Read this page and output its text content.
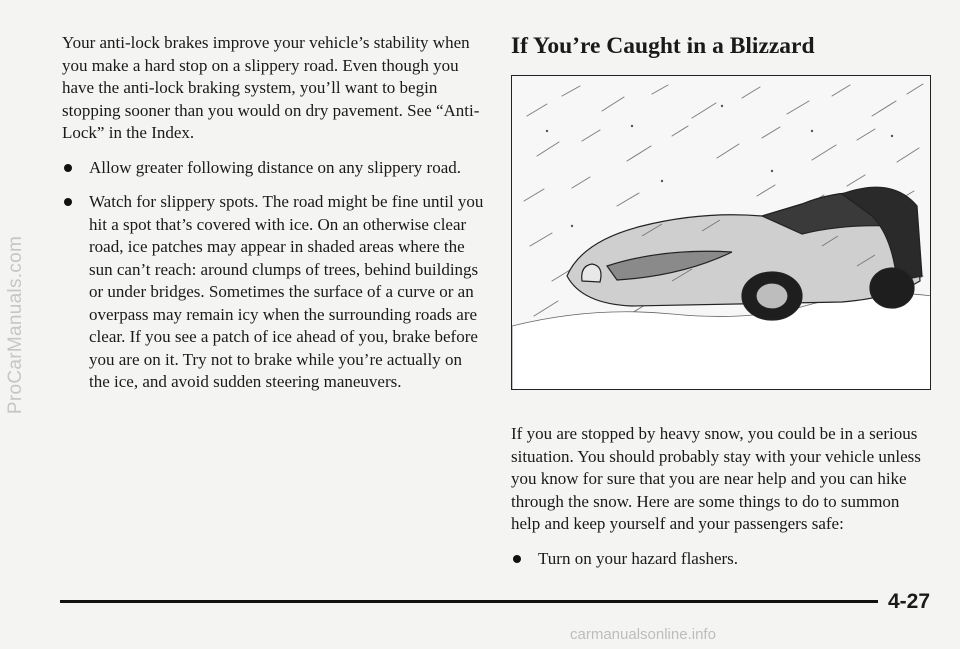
ProCarManuals.com

Your anti-lock brakes improve your vehicle’s stability when you make a hard stop on a slippery road. Even though you have the anti-lock braking system, you’ll want to begin stopping sooner than you would on dry pavement. See “Anti-Lock” in the Index.

Allow greater following distance on any slippery road.
Watch for slippery spots. The road might be fine until you hit a spot that’s covered with ice. On an otherwise clear road, ice patches may appear in shaded areas where the sun can’t reach: around clumps of trees, behind buildings or under bridges. Sometimes the surface of a curve or an overpass may remain icy when the surrounding roads are clear. If you see a patch of ice ahead of you, brake before you are on it. Try not to brake while you’re actually on the ice, and avoid sudden steering maneuvers.
If You’re Caught in a Blizzard

If you are stopped by heavy snow, you could be in a serious situation. You should probably stay with your vehicle unless you know for sure that you are near help and you can hike through the snow. Here are some things to do to summon help and keep yourself and your passengers safe:

Turn on your hazard flashers.
4-27
carmanualsonline.info
